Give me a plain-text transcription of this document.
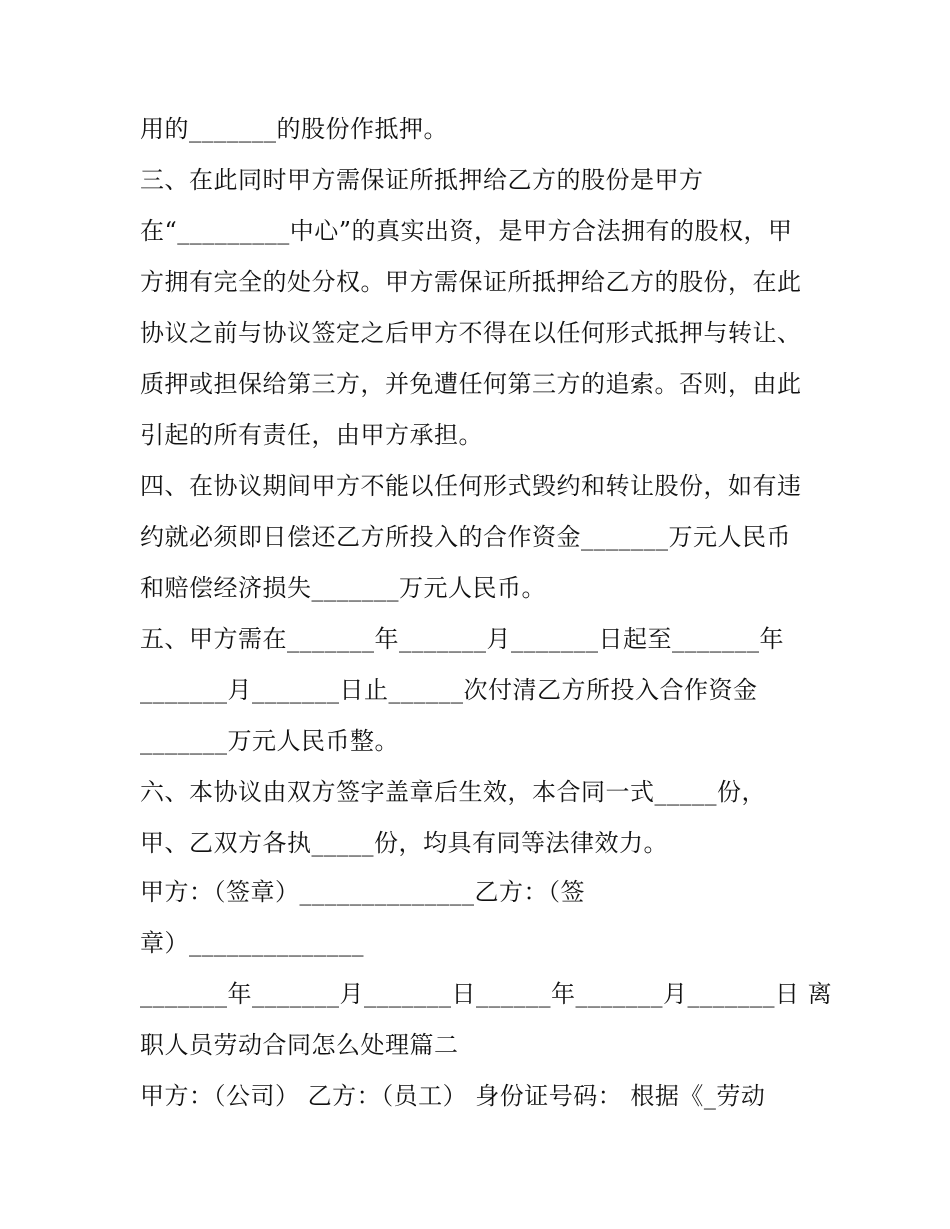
用的_______的股份作抵押。

三、在此同时甲方需保证所抵押给乙方的股份是甲方

在“_________中心”的真实出资，是甲方合法拥有的股权，甲

方拥有完全的处分权。甲方需保证所抵押给乙方的股份，在此

协议之前与协议签定之后甲方不得在以任何形式抵押与转让、

质押或担保给第三方，并免遭任何第三方的追索。否则，由此

引起的所有责任，由甲方承担。

四、在协议期间甲方不能以任何形式毁约和转让股份，如有违

约就必须即日偿还乙方所投入的合作资金_______万元人民币

和赔偿经济损失_______万元人民币。

五、甲方需在_______年_______月_______日起至_______年

_______月_______日止______次付清乙方所投入合作资金

_______万元人民币整。

六、本协议由双方签字盖章后生效，本合同一式_____份，

甲、乙双方各执_____份，均具有同等法律效力。

甲方：（签章）______________乙方：（签

章）______________

_______年_______月_______日______年_______月_______日 离

职人员劳动合同怎么处理篇二

甲方：（公司） 乙方：（员工） 身份证号码： 根据《_劳动
